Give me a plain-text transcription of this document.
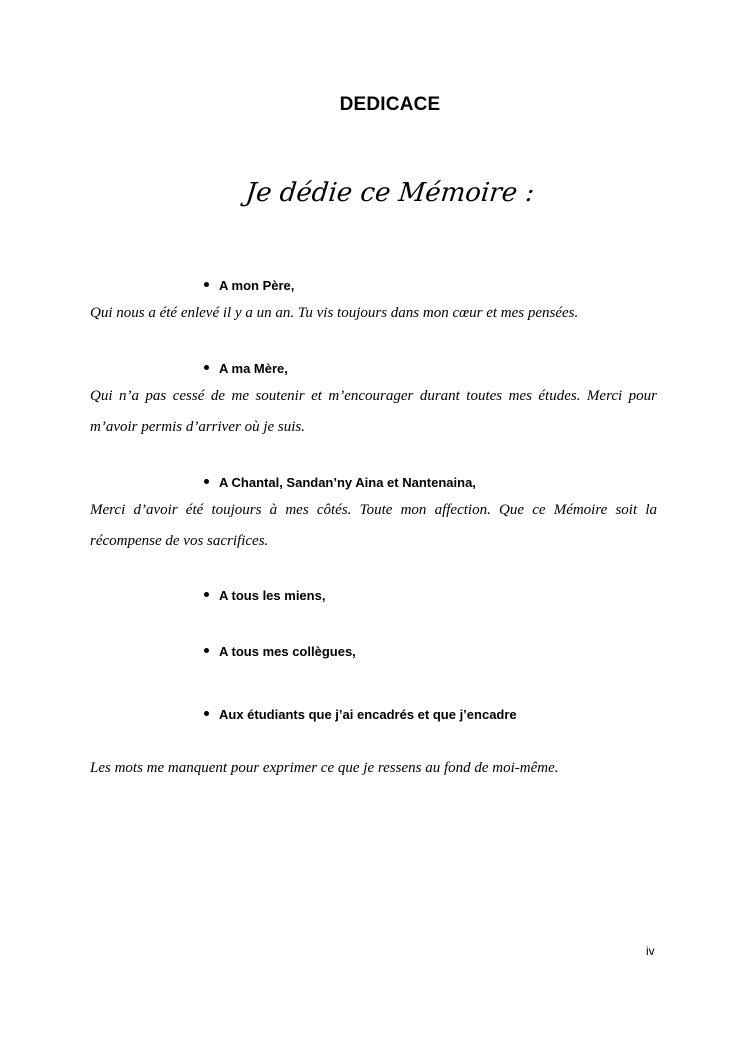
DEDICACE
Je dédie ce Mémoire :
A mon Père,
Qui nous a été enlevé il y a un an. Tu vis toujours dans mon cœur et mes pensées.
A ma Mère,
Qui n’a pas cessé de me soutenir et m’encourager durant toutes mes études. Merci pour m’avoir permis d’arriver où je suis.
A Chantal, Sandan’ny Aina et Nantenaina,
Merci d’avoir été toujours à mes côtés. Toute mon affection. Que ce Mémoire soit la récompense de vos sacrifices.
A tous les miens,
A tous mes collègues,
Aux étudiants que j’ai encadrés et que j’encadre
Les mots me manquent pour exprimer ce que je ressens au fond de moi-même.
iv
